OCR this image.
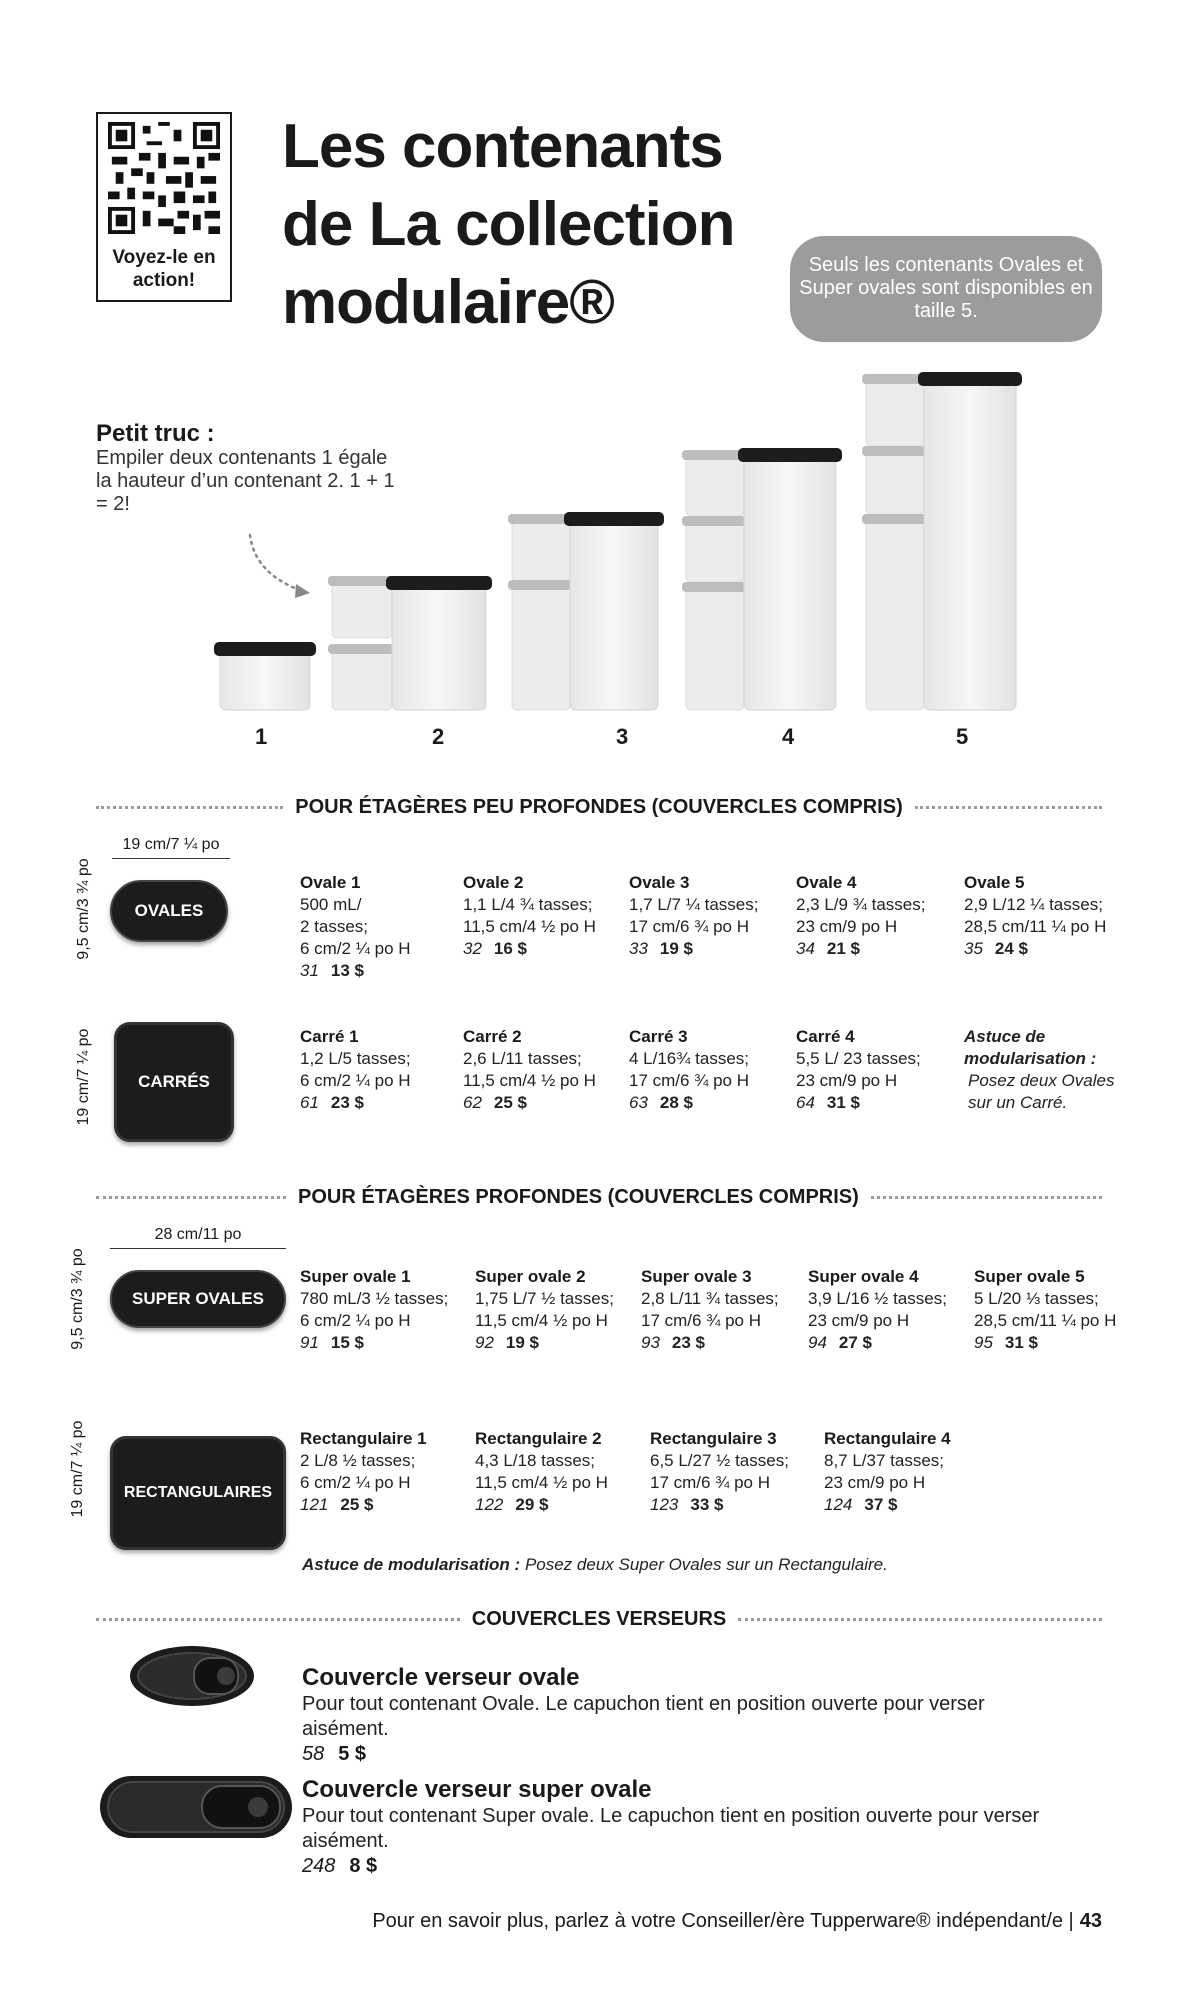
Voyez-le en action!
Les contenants
de La collection
modulaire®
Seuls les contenants Ovales et Super ovales sont disponibles en taille 5.
Petit truc :
Empiler deux contenants 1 égale la hauteur d’un contenant 2. 1 + 1 = 2!
1	2	3	4	5
POUR ÉTAGÈRES PEU PROFONDES (COUVERCLES COMPRIS)
19 cm/7 ¼ po
9,5 cm/3 ¾ po	OVALES
Ovale 1
500 mL/
2 tasses;
6 cm/2 ¼ po H
31 13 $
Ovale 2
1,1 L/4 ¾ tasses;
11,5 cm/4 ½ po H
32 16 $
Ovale 3
1,7 L/7 ¼ tasses;
17 cm/6 ¾ po H
33 19 $
Ovale 4
2,3 L/9 ¾ tasses;
23 cm/9 po H
34 21 $
Ovale 5
2,9 L/12 ¼ tasses;
28,5 cm/11 ¼ po H
35 24 $
19 cm/7 ¼ po	CARRÉS
Carré 1
1,2 L/5 tasses;
6 cm/2 ¼ po H
61 23 $
Carré 2
2,6 L/11 tasses;
11,5 cm/4 ½ po H
62 25 $
Carré 3
4 L/16¾ tasses;
17 cm/6 ¾ po H
63 28 $
Carré 4
5,5 L/ 23 tasses;
23 cm/9 po H
64 31 $
Astuce de modularisation :
Posez deux Ovales sur un Carré.
POUR ÉTAGÈRES PROFONDES (COUVERCLES COMPRIS)
28 cm/11 po
9,5 cm/3 ¾ po	SUPER OVALES
Super ovale 1
780 mL/3 ½ tasses;
6 cm/2 ¼ po H
91 15 $
Super ovale 2
1,75 L/7 ½ tasses;
11,5 cm/4 ½ po H
92 19 $
Super ovale 3
2,8 L/11 ¾ tasses;
17 cm/6 ¾ po H
93 23 $
Super ovale 4
3,9 L/16 ½ tasses;
23 cm/9 po H
94 27 $
Super ovale 5
5 L/20 ⅓ tasses;
28,5 cm/11 ¼ po H
95 31 $
19 cm/7 ¼ po	RECTANGULAIRES
Rectangulaire 1
2 L/8 ½ tasses;
6 cm/2 ¼ po H
121 25 $
Rectangulaire 2
4,3 L/18 tasses;
11,5 cm/4 ½ po H
122 29 $
Rectangulaire 3
6,5 L/27 ½ tasses;
17 cm/6 ¾ po H
123 33 $
Rectangulaire 4
8,7 L/37 tasses;
23 cm/9 po H
124 37 $
Astuce de modularisation : Posez deux Super Ovales sur un Rectangulaire.
COUVERCLES VERSEURS
Couvercle verseur ovale
Pour tout contenant Ovale. Le capuchon tient en position ouverte pour verser aisément.
58 5 $
Couvercle verseur super ovale
Pour tout contenant Super ovale. Le capuchon tient en position ouverte pour verser aisément.
248 8 $
Pour en savoir plus, parlez à votre Conseiller/ère Tupperware® indépendant/e | 43
